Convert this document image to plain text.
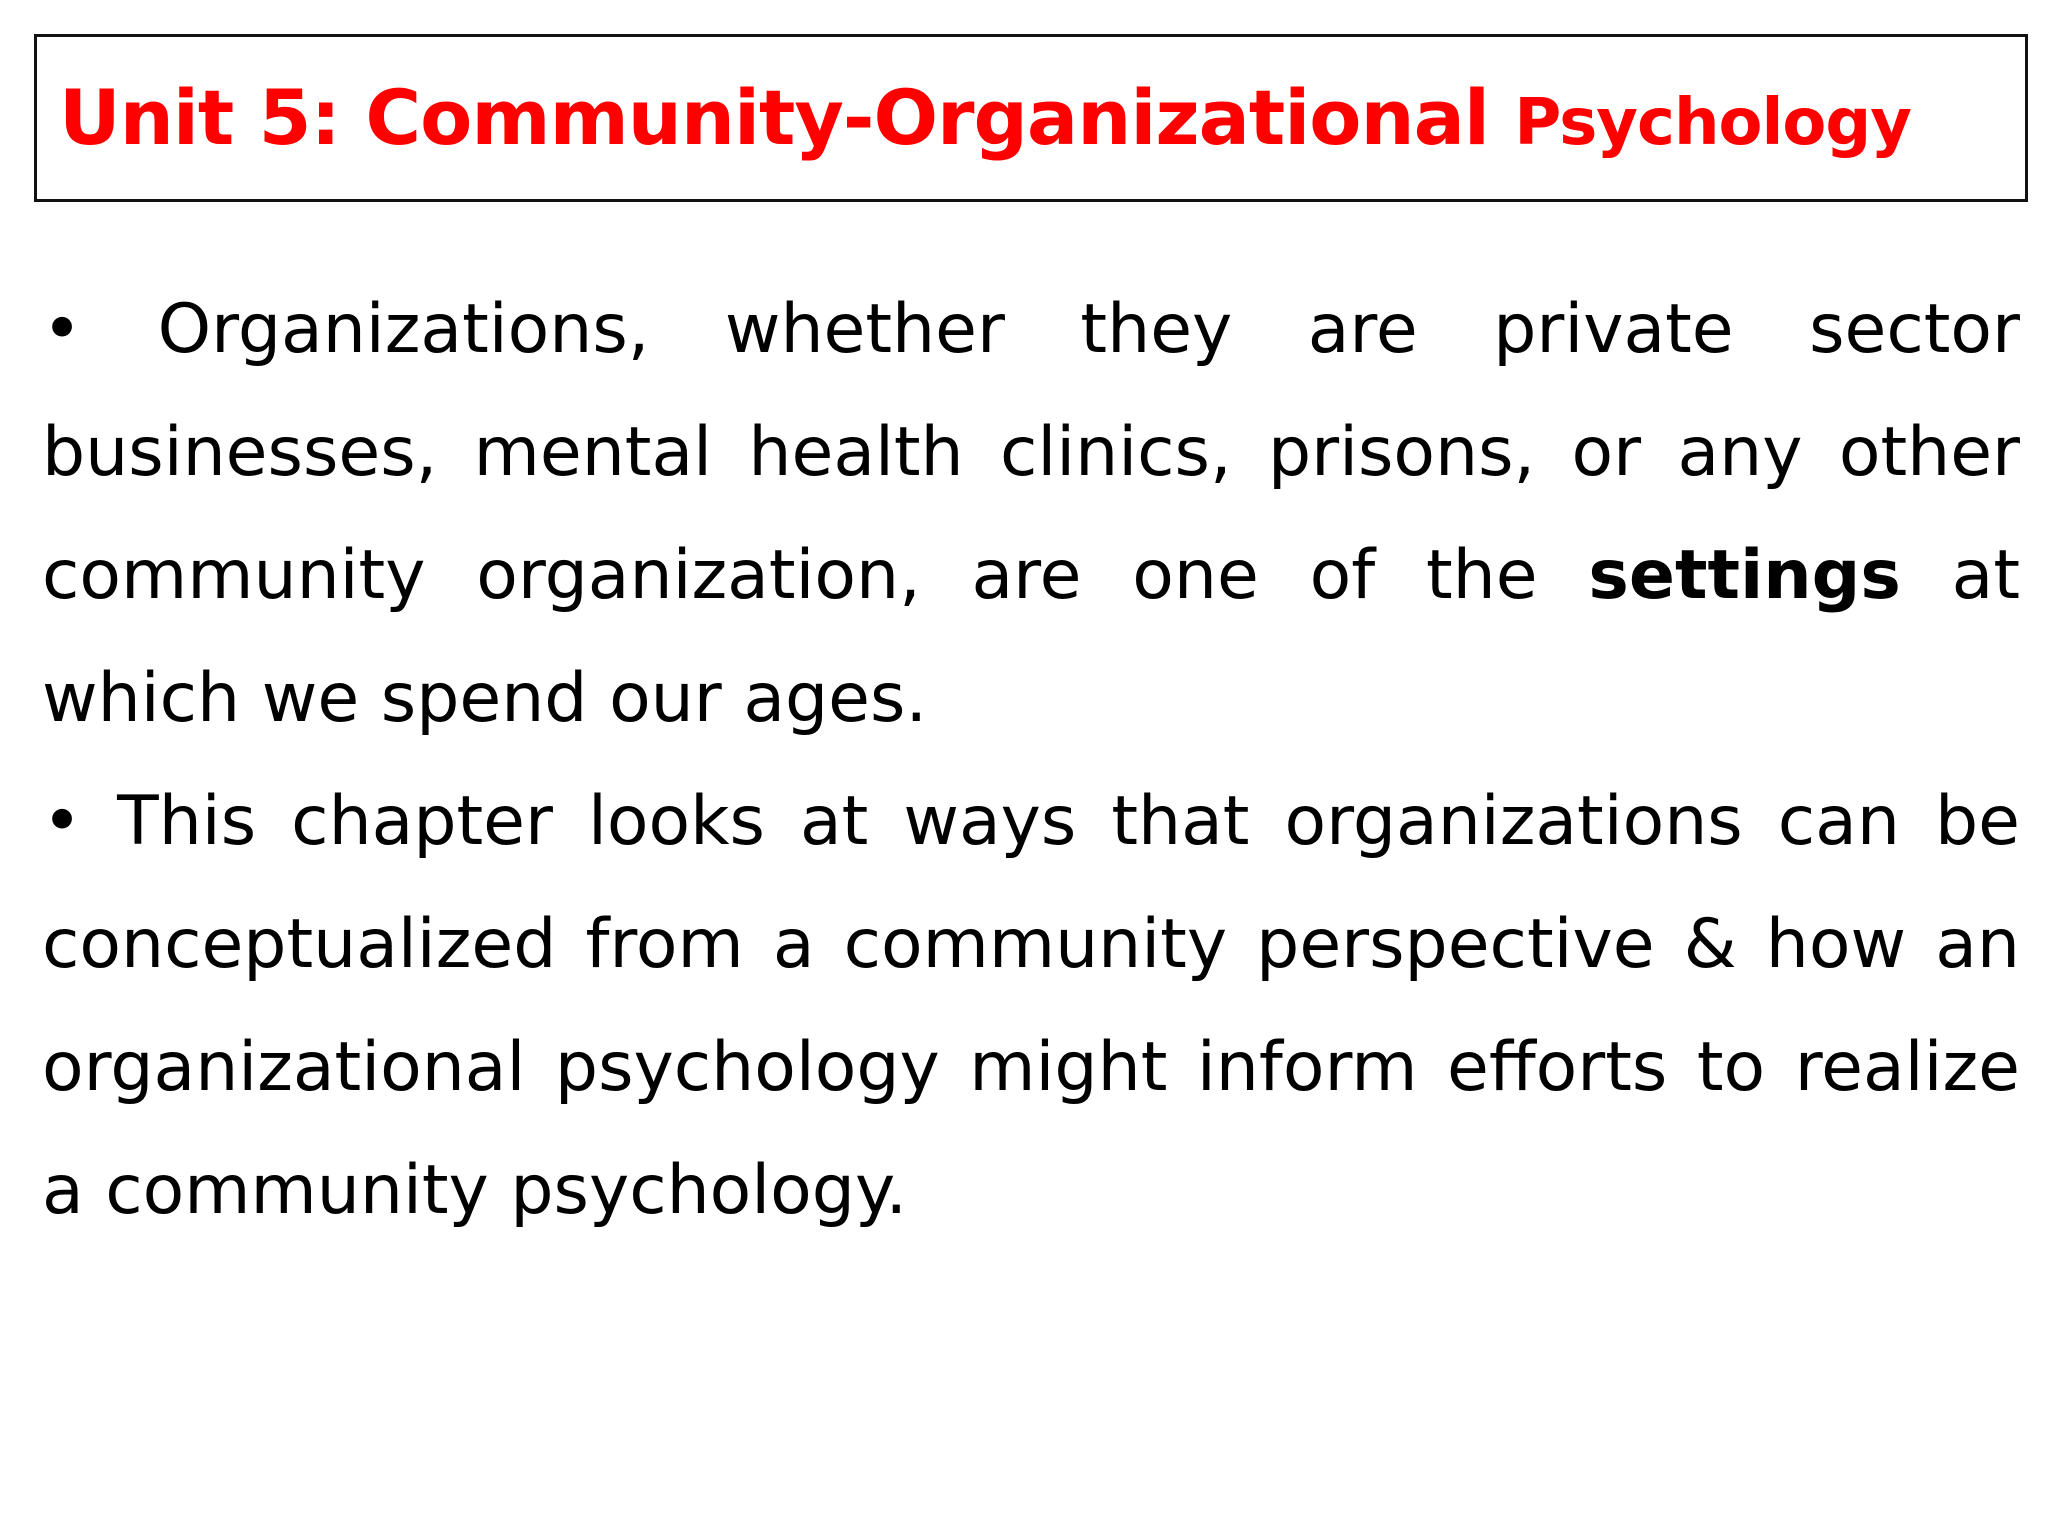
Unit 5: Community-Organizational Psychology

• Organizations, whether they are private sector businesses, mental health clinics, prisons, or any other community organization, are one of the settings at which we spend our ages.

• This chapter looks at ways that organizations can be conceptualized from a community perspective & how an organizational psychology might inform efforts to realize a community psychology.
